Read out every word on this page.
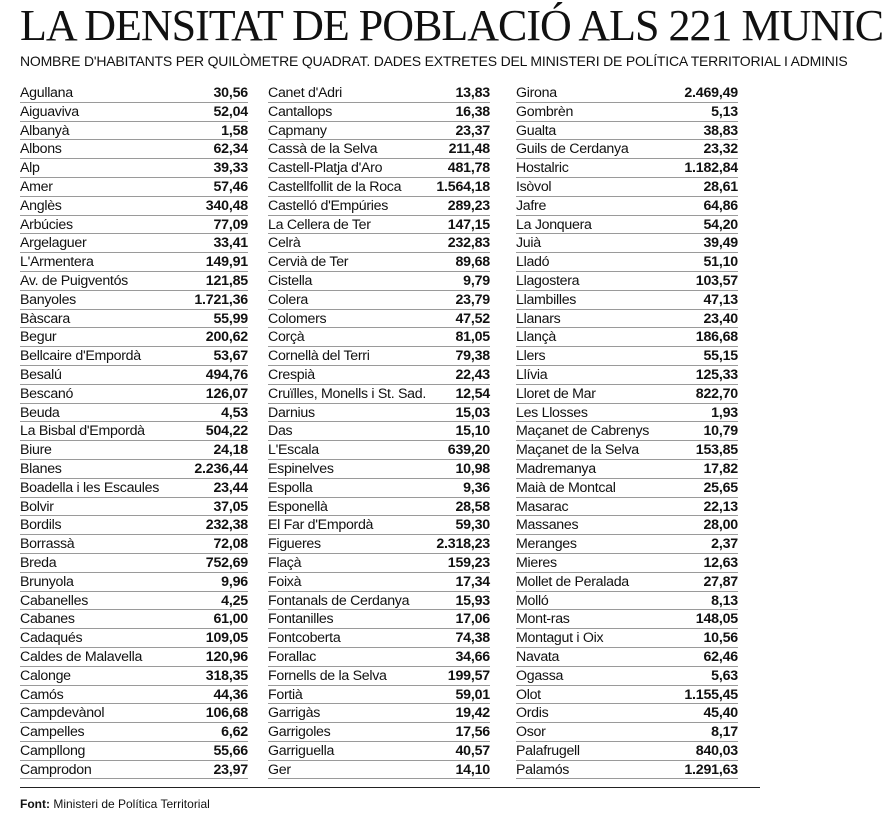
LA DENSITAT DE POBLACIÓ ALS 221 MUNIC
NOMBRE D'HABITANTS PER QUILÒMETRE QUADRAT. DADES EXTRETES DEL MINISTERI DE POLÍTICA TERRITORIAL I ADMINIS
Agullana	30,56
Aiguaviva	52,04
Albanyà	1,58
Albons	62,34
Alp	39,33
Amer	57,46
Anglès	340,48
Arbúcies	77,09
Argelaguer	33,41
L'Armentera	149,91
Av. de Puigventós	121,85
Banyoles	1.721,36
Bàscara	55,99
Begur	200,62
Bellcaire d'Empordà	53,67
Besalú	494,76
Bescanó	126,07
Beuda	4,53
La Bisbal d'Empordà	504,22
Biure	24,18
Blanes	2.236,44
Boadella i les Escaules	23,44
Bolvir	37,05
Bordils	232,38
Borrassà	72,08
Breda	752,69
Brunyola	9,96
Cabanelles	4,25
Cabanes	61,00
Cadaqués	109,05
Caldes de Malavella	120,96
Calonge	318,35
Camós	44,36
Campdevànol	106,68
Campelles	6,62
Campllong	55,66
Camprodon	23,97
Canet d'Adri	13,83
Cantallops	16,38
Capmany	23,37
Cassà de la Selva	211,48
Castell-Platja d'Aro	481,78
Castellfollit de la Roca 1.564,18
Castelló d'Empúries	289,23
La Cellera de Ter	147,15
Celrà	232,83
Cervià de Ter	89,68
Cistella	9,79
Colera	23,79
Colomers	47,52
Corçà	81,05
Cornellà del Terri	79,38
Crespià	22,43
Cruïlles, Monells i St. Sad. 12,54
Darnius	15,03
Das	15,10
L'Escala	639,20
Espinelves	10,98
Espolla	9,36
Esponellà	28,58
El Far d'Empordà	59,30
Figueres	2.318,23
Flaçà	159,23
Foixà	17,34
Fontanals de Cerdanya	15,93
Fontanilles	17,06
Fontcoberta	74,38
Forallac	34,66
Fornells de la Selva	199,57
Fortià	59,01
Garrigàs	19,42
Garrigoles	17,56
Garriguella	40,57
Ger	14,10
Girona	2.469,49
Gombrèn	5,13
Gualta	38,83
Guils de Cerdanya	23,32
Hostalric	1.182,84
Isòvol	28,61
Jafre	64,86
La Jonquera	54,20
Juià	39,49
Lladó	51,10
Llagostera	103,57
Llambilles	47,13
Llanars	23,40
Llançà	186,68
Llers	55,15
Llívia	125,33
Lloret de Mar	822,70
Les Llosses	1,93
Maçanet de Cabrenys	10,79
Maçanet de la Selva	153,85
Madremanya	17,82
Maià de Montcal	25,65
Masarac	22,13
Massanes	28,00
Meranges	2,37
Mieres	12,63
Mollet de Peralada	27,87
Molló	8,13
Mont-ras	148,05
Montagut i Oix	10,56
Navata	62,46
Ogassa	5,63
Olot	1.155,45
Ordis	45,40
Osor	8,17
Palafrugell	840,03
Palamós	1.291,63
Font: Ministeri de Política Territorial
